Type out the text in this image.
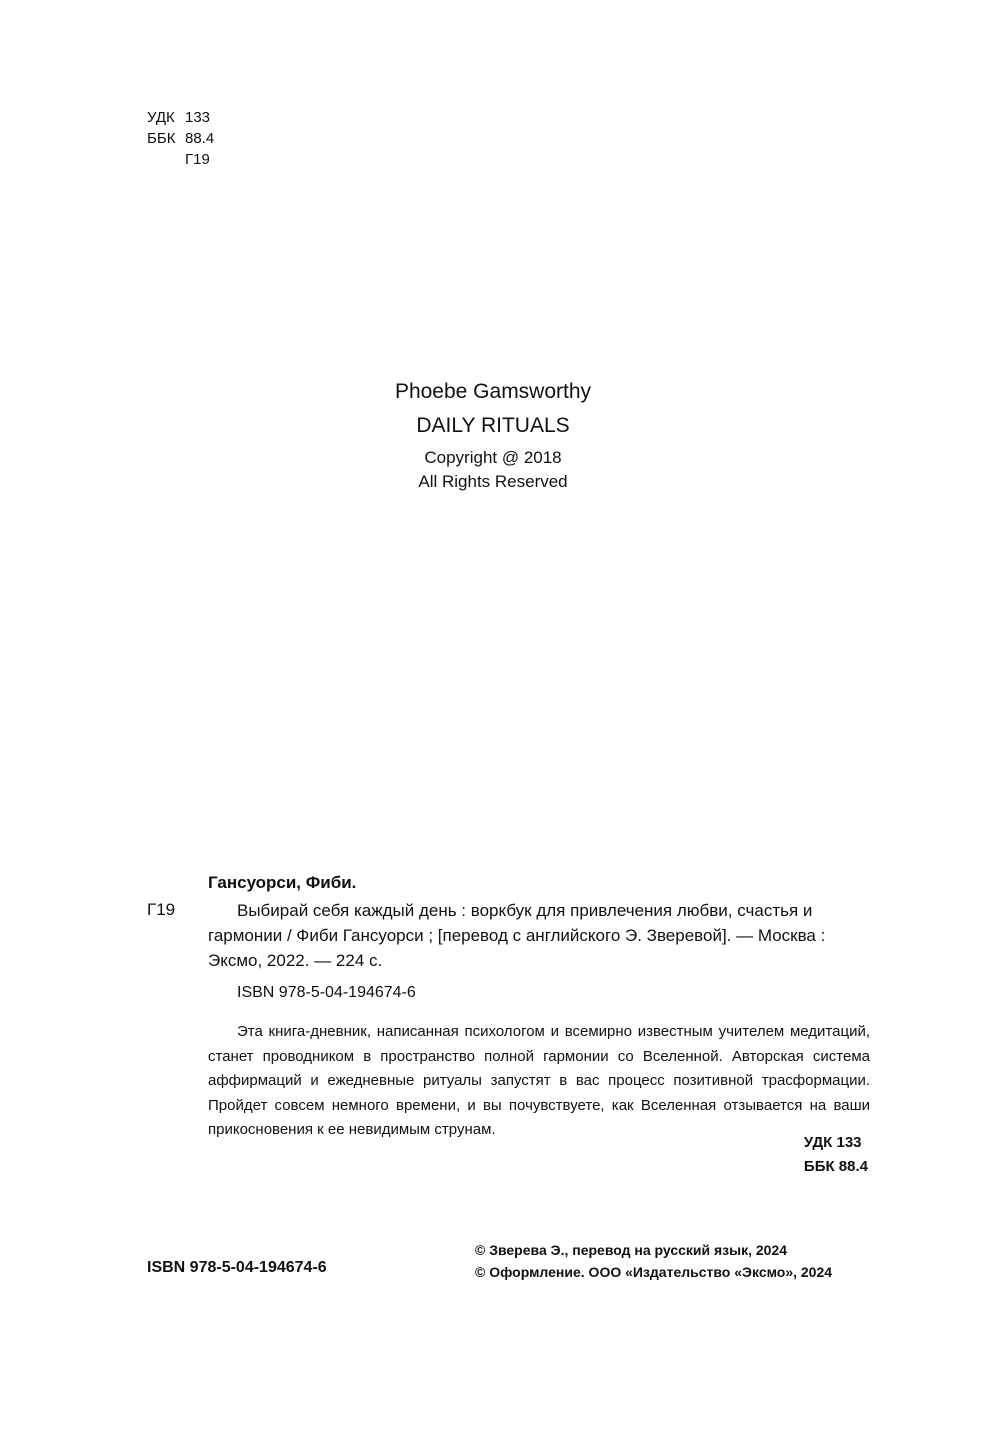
УДК 133
ББК 88.4
Г19
Phoebe Gamsworthy
DAILY RITUALS
Copyright @ 2018
All Rights Reserved
Гансуорси, Фиби.
Г19	Выбирай себя каждый день : воркбук для привлечения любви, счастья и гармонии / Фиби Гансуорси ; [перевод с английского Э. Зверевой]. — Москва : Эксмо, 2022. — 224 с.
ISBN 978-5-04-194674-6
Эта книга-дневник, написанная психологом и всемирно известным учителем медитаций, станет проводником в пространство полной гармонии со Вселенной. Авторская система аффирмаций и ежедневные ритуалы запустят в вас процесс позитивной трасформации. Пройдет совсем немного времени, и вы почувствуете, как Вселенная отзывается на ваши прикосновения к ее невидимым струнам.
УДК 133
ББК 88.4
ISBN 978-5-04-194674-6
© Зверева Э., перевод на русский язык, 2024
© Оформление. ООО «Издательство «Эксмо», 2024
